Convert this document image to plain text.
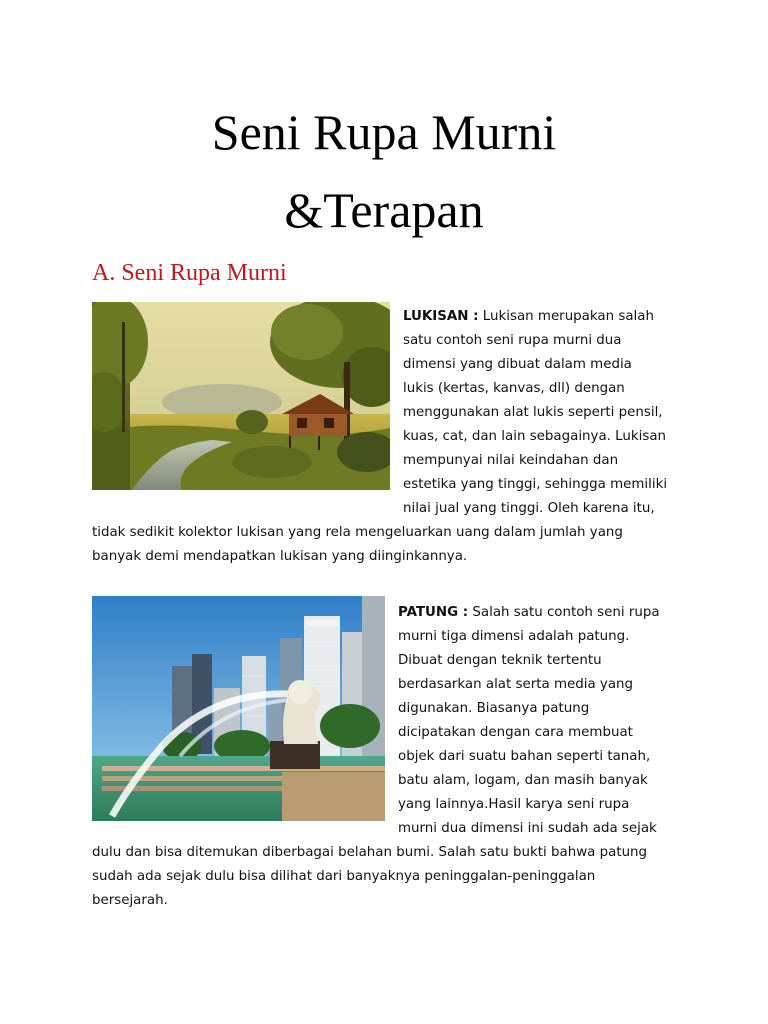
Seni Rupa Murni
&Terapan
A. Seni Rupa Murni
LUKISAN : Lukisan merupakan salah
satu contoh seni rupa murni dua
dimensi yang dibuat dalam media
lukis (kertas, kanvas, dll) dengan
menggunakan alat lukis seperti pensil,
kuas, cat, dan lain sebagainya. Lukisan
mempunyai nilai keindahan dan
estetika yang tinggi, sehingga memiliki
nilai jual yang tinggi. Oleh karena itu,
tidak sedikit kolektor lukisan yang rela mengeluarkan uang dalam jumlah yang
banyak demi mendapatkan lukisan yang diinginkannya.
PATUNG : Salah satu contoh seni rupa
murni tiga dimensi adalah patung.
Dibuat dengan teknik tertentu
berdasarkan alat serta media yang
digunakan. Biasanya patung
dicipatakan dengan cara membuat
objek dari suatu bahan seperti tanah,
batu alam, logam, dan masih banyak
yang lainnya.Hasil karya seni rupa
murni dua dimensi ini sudah ada sejak
dulu dan bisa ditemukan diberbagai belahan bumi. Salah satu bukti bahwa patung
sudah ada sejak dulu bisa dilihat dari banyaknya peninggalan-peninggalan
bersejarah.
